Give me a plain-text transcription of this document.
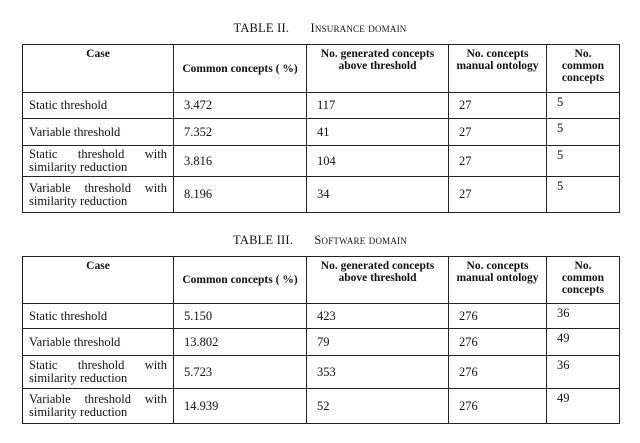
TABLE II. Insurance domain
Case	Common concepts ( %)	No. generated concepts above threshold	No. concepts manual ontology	No. common concepts
Static threshold	3.472	117	27	5
Variable threshold	7.352	41	27	5
Static threshold with similarity reduction	3.816	104	27	5
Variable threshold with similarity reduction	8.196	34	27	5
TABLE III. Software domain
Case	Common concepts ( %)	No. generated concepts above threshold	No. concepts manual ontology	No. common concepts
Static threshold	5.150	423	276	36
Variable threshold	13.802	79	276	49
Static threshold with similarity reduction	5.723	353	276	36
Variable threshold with similarity reduction	14.939	52	276	49
